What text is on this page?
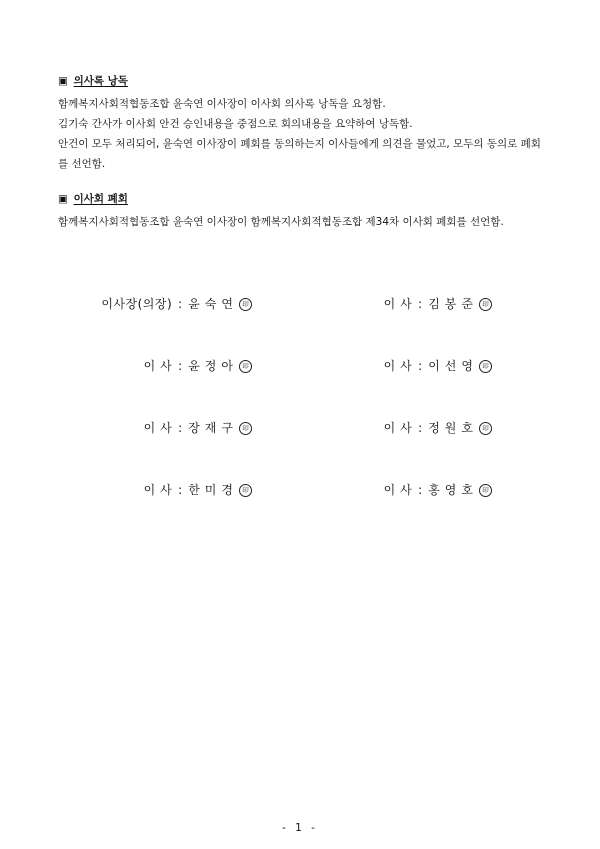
▣ 의사록 낭독

함께복지사회적협동조합 윤숙연 이사장이 이사회 의사록 낭독을 요청함.

김기숙 간사가 이사회 안건 승인내용을 중점으로 회의내용을 요약하여 낭독함.

안건이 모두 처리되어, 윤숙연 이사장이 폐회를 동의하는지 이사들에게 의견을 물었고, 모두의 동의로 폐회를 선언함.

▣ 이사회 폐회

함께복지사회적협동조합 윤숙연 이사장이 함께복지사회적협동조합 제34차 이사회 폐회를 선언함.

이사장(의장) : 윤숙연 印	이 사 : 김봉준 印
이 사 : 윤정아 印	이 사 : 이선영 印
이 사 : 장재구 印	이 사 : 정원호 印
이 사 : 한미경 印	이 사 : 홍영호 印
- 1 -
